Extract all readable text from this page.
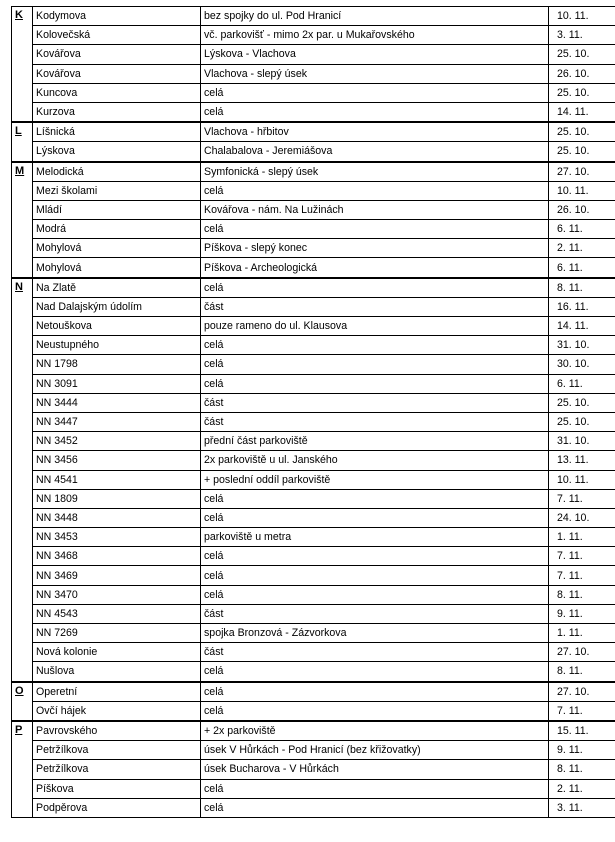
K	Kodymova	bez spojky do ul. Pod Hranicí	10. 11.
	Kolovečská	vč. parkovišť - mimo 2x par. u Mukařovského	3. 11.
	Kovářova	Lýskova - Vlachova	25. 10.
	Kovářova	Vlachova - slepý úsek	26. 10.
	Kuncova	celá	25. 10.
	Kurzova	celá	14. 11.
L	Líšnická	Vlachova - hřbitov	25. 10.
	Lýskova	Chalabalova - Jeremiášova	25. 10.
M	Melodická	Symfonická - slepý úsek	27. 10.
	Mezi školami	celá	10. 11.
	Mládí	Kovářova - nám. Na Lužinách	26. 10.
	Modrá	celá	6. 11.
	Mohylová	Píškova - slepý konec	2. 11.
	Mohylová	Píškova - Archeologická	6. 11.
N	Na Zlatě	celá	8. 11.
	Nad Dalajským údolím	část	16. 11.
	Netouškova	pouze rameno do ul. Klausova	14. 11.
	Neustupného	celá	31. 10.
	NN 1798	celá	30. 10.
	NN 3091	celá	6. 11.
	NN 3444	část	25. 10.
	NN 3447	část	25. 10.
	NN 3452	přední část parkoviště	31. 10.
	NN 3456	2x parkoviště u ul. Janského	13. 11.
	NN 4541	+ poslední oddíl parkoviště	10. 11.
	NN 1809	celá	7. 11.
	NN 3448	celá	24. 10.
	NN 3453	parkoviště u metra	1. 11.
	NN 3468	celá	7. 11.
	NN 3469	celá	7. 11.
	NN 3470	celá	8. 11.
	NN 4543	část	9. 11.
	NN 7269	spojka Bronzová - Zázvorkova	1. 11.
	Nová kolonie	část	27. 10.
	Nušlova	celá	8. 11.
O	Operetní	celá	27. 10.
	Ovčí hájek	celá	7. 11.
P	Pavrovského	+ 2x parkoviště	15. 11.
	Petržílkova	úsek V Hůrkách - Pod Hranicí (bez křižovatky)	9. 11.
	Petržílkova	úsek Bucharova - V Hůrkách	8. 11.
	Píškova	celá	2. 11.
	Podpěrova	celá	3. 11.
